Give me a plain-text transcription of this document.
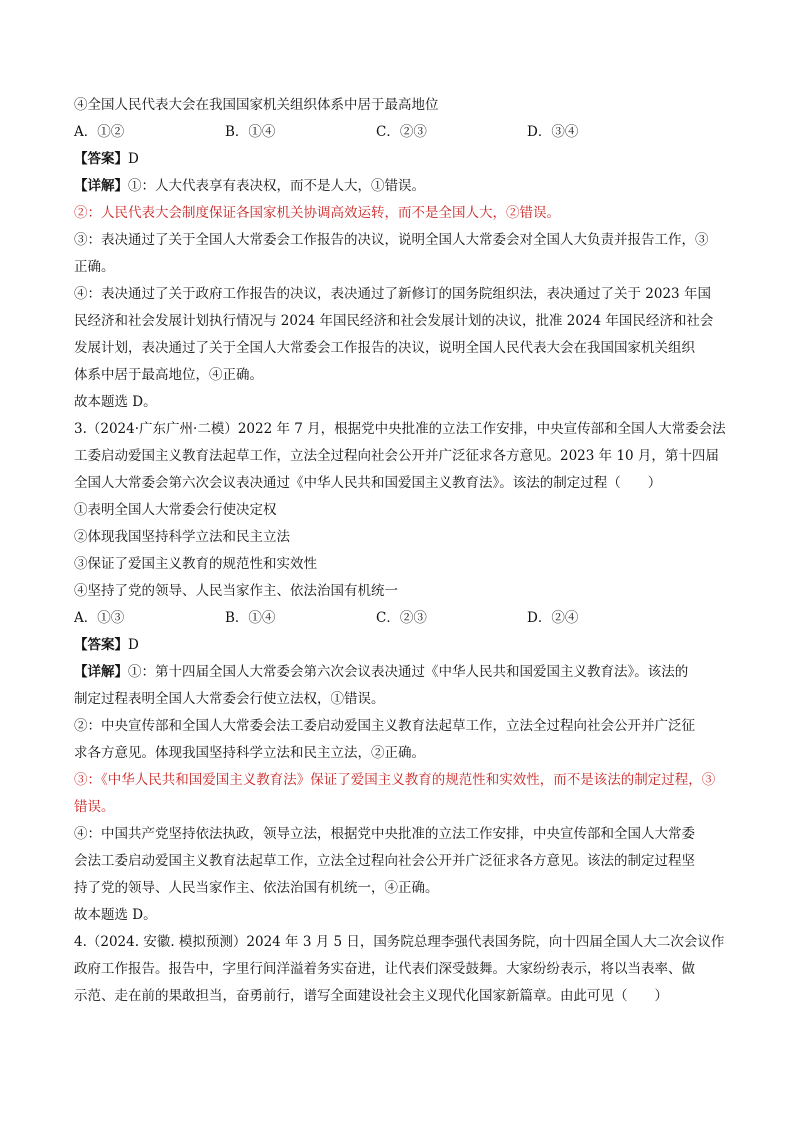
④全国人民代表大会在我国国家机关组织体系中居于最高地位
A．①②	B．①④	C．②③	D．③④
【答案】D
【详解】①：人大代表享有表决权，而不是人大，①错误。
②：人民代表大会制度保证各国家机关协调高效运转，而不是全国人大，②错误。
③：表决通过了关于全国人大常委会工作报告的决议，说明全国人大常委会对全国人大负责并报告工作，③
正确。
④：表决通过了关于政府工作报告的决议，表决通过了新修订的国务院组织法，表决通过了关于 2023 年国
民经济和社会发展计划执行情况与 2024 年国民经济和社会发展计划的决议，批准 2024 年国民经济和社会
发展计划，表决通过了关于全国人大常委会工作报告的决议，说明全国人民代表大会在我国国家机关组织
体系中居于最高地位，④正确。
故本题选 D。
3.（2024·广东广州·二模）2022 年 7 月，根据党中央批准的立法工作安排，中央宣传部和全国人大常委会法
工委启动爱国主义教育法起草工作，立法全过程向社会公开并广泛征求各方意见。2023 年 10 月，第十四届
全国人大常委会第六次会议表决通过《中华人民共和国爱国主义教育法》。该法的制定过程（　　）
①表明全国人大常委会行使决定权
②体现我国坚持科学立法和民主立法
③保证了爱国主义教育的规范性和实效性
④坚持了党的领导、人民当家作主、依法治国有机统一
A．①③	B．①④	C．②③	D．②④
【答案】D
【详解】①：第十四届全国人大常委会第六次会议表决通过《中华人民共和国爱国主义教育法》。该法的
制定过程表明全国人大常委会行使立法权，①错误。
②：中央宣传部和全国人大常委会法工委启动爱国主义教育法起草工作，立法全过程向社会公开并广泛征
求各方意见。体现我国坚持科学立法和民主立法，②正确。
③：《中华人民共和国爱国主义教育法》保证了爱国主义教育的规范性和实效性，而不是该法的制定过程，③
错误。
④：中国共产党坚持依法执政，领导立法，根据党中央批准的立法工作安排，中央宣传部和全国人大常委
会法工委启动爱国主义教育法起草工作，立法全过程向社会公开并广泛征求各方意见。该法的制定过程坚
持了党的领导、人民当家作主、依法治国有机统一，④正确。
故本题选 D。
4.（2024. 安徽. 模拟预测）2024 年 3 月 5 日，国务院总理李强代表国务院，向十四届全国人大二次会议作
政府工作报告。报告中，字里行间洋溢着务实奋进，让代表们深受鼓舞。大家纷纷表示，将以当表率、做
示范、走在前的果敢担当，奋勇前行，谱写全面建设社会主义现代化国家新篇章。由此可见（　　）
